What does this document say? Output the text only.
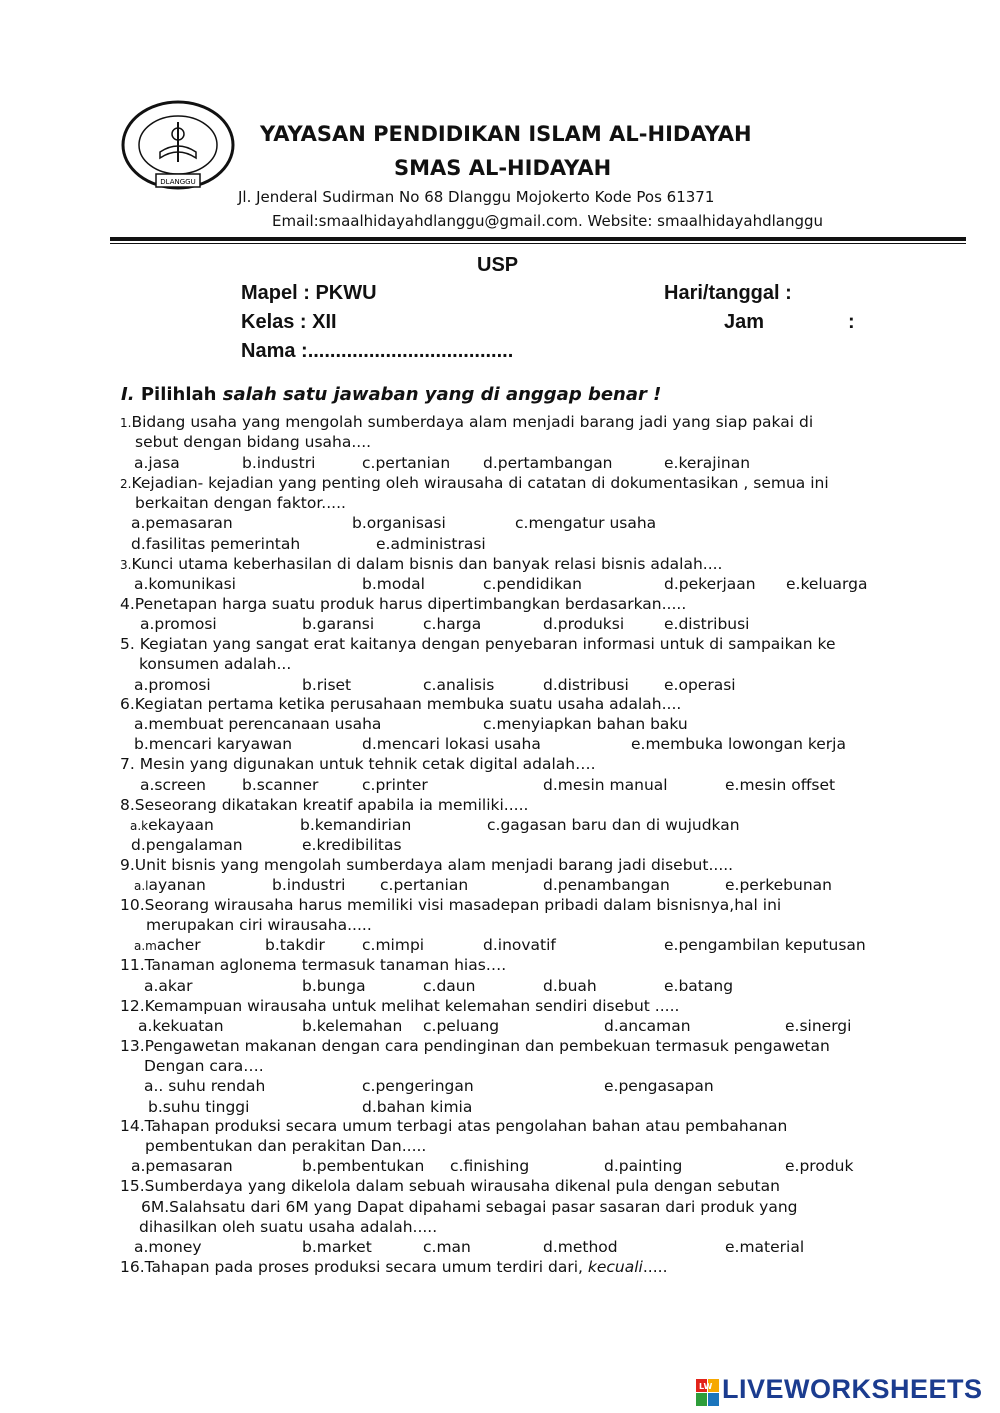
DLANGGU
YAYASAN PENDIDIKAN ISLAM AL-HIDAYAH
SMAS AL-HIDAYAH
Jl. Jenderal Sudirman No 68 Dlanggu Mojokerto Kode Pos 61371
Email:smaalhidayahdlanggu@gmail.com. Website: smaalhidayahdlanggu
USP
Mapel : PKWU
Kelas : XII
Nama :.....................................
Hari/tanggal :
Jam	:
I. Pilihlah salah satu jawaban yang di anggap benar !
1.Bidang usaha yang mengolah sumberdaya alam menjadi barang jadi yang siap pakai di
sebut dengan bidang usaha....
a.jasa	b.industri	c.pertanian d.pertambangan	e.kerajinan
2.Kejadian- kejadian yang penting oleh wirausaha di catatan di dokumentasikan , semua ini
berkaitan dengan faktor.....
a.pemasaran	b.organisasi	c.mengatur usaha
d.fasilitas pemerintah	e.administrasi
3.Kunci utama keberhasilan di dalam bisnis dan banyak relasi bisnis adalah....
a.komunikasi	b.modal	c.pendidikan	d.pekerjaan e.keluarga
4.Penetapan harga suatu produk harus dipertimbangkan berdasarkan.....
a.promosi	b.garansi	c.harga	d.produksi	e.distribusi
5. Kegiatan yang sangat erat kaitanya dengan penyebaran informasi untuk di sampaikan ke
konsumen adalah...
a.promosi	b.riset	c.analisis	d.distribusi e.operasi
6.Kegiatan pertama ketika perusahaan membuka suatu usaha adalah....
a.membuat perencanaan usaha	c.menyiapkan bahan baku
b.mencari karyawan	d.mencari lokasi usaha	e.membuka lowongan kerja
7. Mesin yang digunakan untuk tehnik cetak digital adalah….
a.screen b.scanner	c.printer	d.mesin manual	e.mesin offset
8.Seseorang dikatakan kreatif apabila ia memiliki.....
a.kekayaan	b.kemandirian	c.gagasan baru dan di wujudkan
d.pengalaman	e.kredibilitas
9.Unit bisnis yang mengolah sumberdaya alam menjadi barang jadi disebut.....
a.layanan	b.industri c.pertanian	d.penambangan	e.perkebunan
10.Seorang wirausaha harus memiliki visi masadepan pribadi dalam bisnisnya,hal ini
merupakan ciri wirausaha.....
a.macher	b.takdir c.mimpi	d.inovatif	e.pengambilan keputusan
11.Tanaman aglonema termasuk tanaman hias….
a.akar	b.bunga	c.daun	d.buah	e.batang
12.Kemampuan wirausaha untuk melihat kelemahan sendiri disebut .....
a.kekuatan	b.kelemahan c.peluang	d.ancaman	e.sinergi
13.Pengawetan makanan dengan cara pendinginan dan pembekuan termasuk pengawetan
Dengan cara….
a.. suhu rendah	c.pengeringan	e.pengasapan
b.suhu tinggi	d.bahan kimia
14.Tahapan produksi secara umum terbagi atas pengolahan bahan atau pembahanan
pembentukan dan perakitan Dan.....
a.pemasaran	b.pembentukan c.finishing	d.painting	e.produk
15.Sumberdaya yang dikelola dalam sebuah wirausaha dikenal pula dengan sebutan
6M.Salahsatu dari 6M yang Dapat dipahami sebagai pasar sasaran dari produk yang
dihasilkan oleh suatu usaha adalah.....
a.money	b.market	c.man	d.method	e.material
16.Tahapan pada proses produksi secara umum terdiri dari, kecuali.....
LW LIVEWORKSHEETS
